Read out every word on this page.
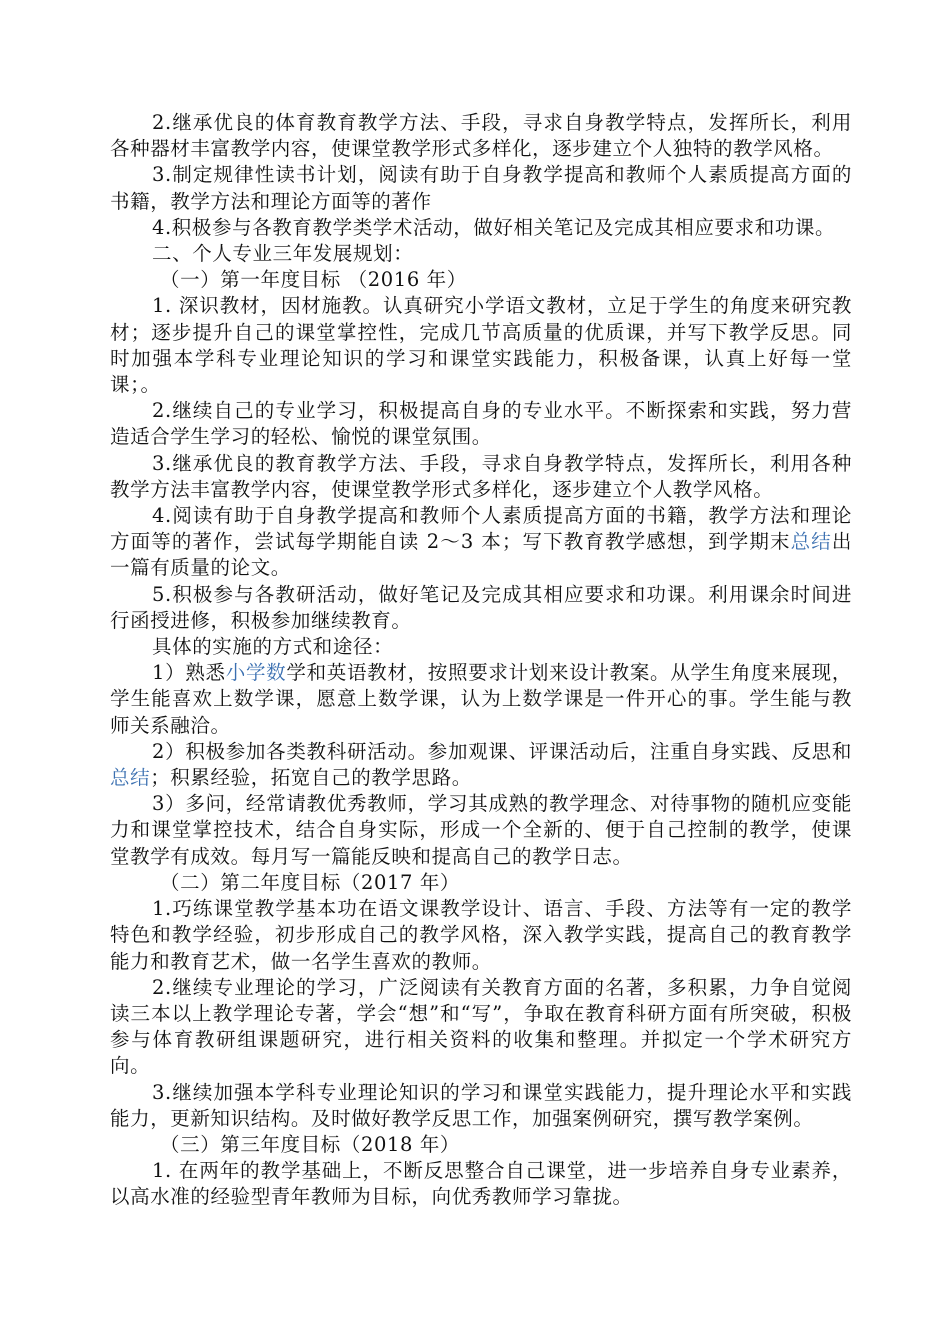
2.继承优良的体育教育教学方法、手段，寻求自身教学特点，发挥所长，利用各种器材丰富教学内容，使课堂教学形式多样化，逐步建立个人独特的教学风格。

3.制定规律性读书计划，阅读有助于自身教学提高和教师个人素质提高方面的书籍，教学方法和理论方面等的著作

4.积极参与各教育教学类学术活动，做好相关笔记及完成其相应要求和功课。

二、个人专业三年发展规划：

（一）第一年度目标 （2016 年）

1. 深识教材，因材施教。认真研究小学语文教材，立足于学生的角度来研究教材；逐步提升自己的课堂掌控性，完成几节高质量的优质课，并写下教学反思。同时加强本学科专业理论知识的学习和课堂实践能力，积极备课，认真上好每一堂课；。

2.继续自己的专业学习，积极提高自身的专业水平。不断探索和实践，努力营造适合学生学习的轻松、愉悦的课堂氛围。

3.继承优良的教育教学方法、手段，寻求自身教学特点，发挥所长，利用各种教学方法丰富教学内容，使课堂教学形式多样化，逐步建立个人教学风格。

4.阅读有助于自身教学提高和教师个人素质提高方面的书籍，教学方法和理论方面等的著作，尝试每学期能自读 2～3 本；写下教育教学感想，到学期末总结出一篇有质量的论文。

5.积极参与各教研活动，做好笔记及完成其相应要求和功课。利用课余时间进行函授进修，积极参加继续教育。

具体的实施的方式和途径：

1）熟悉小学数学和英语教材，按照要求计划来设计教案。从学生角度来展现，学生能喜欢上数学课，愿意上数学课，认为上数学课是一件开心的事。学生能与教师关系融洽。

2）积极参加各类教科研活动。参加观课、评课活动后，注重自身实践、反思和总结；积累经验，拓宽自己的教学思路。

3）多问，经常请教优秀教师，学习其成熟的教学理念、对待事物的随机应变能力和课堂掌控技术，结合自身实际，形成一个全新的、便于自己控制的教学，使课堂教学有成效。每月写一篇能反映和提高自己的教学日志。

（二）第二年度目标（2017 年）

1.巧练课堂教学基本功在语文课教学设计、语言、手段、方法等有一定的教学特色和教学经验，初步形成自己的教学风格，深入教学实践，提高自己的教育教学能力和教育艺术，做一名学生喜欢的教师。

2.继续专业理论的学习，广泛阅读有关教育方面的名著，多积累，力争自觉阅读三本以上教学理论专著，学会“想”和“写”，争取在教育科研方面有所突破，积极参与体育教研组课题研究，进行相关资料的收集和整理。并拟定一个学术研究方向。

3.继续加强本学科专业理论知识的学习和课堂实践能力，提升理论水平和实践能力，更新知识结构。及时做好教学反思工作，加强案例研究，撰写教学案例。

（三）第三年度目标（2018 年）

1. 在两年的教学基础上，不断反思整合自己课堂，进一步培养自身专业素养，以高水准的经验型青年教师为目标，向优秀教师学习靠拢。
